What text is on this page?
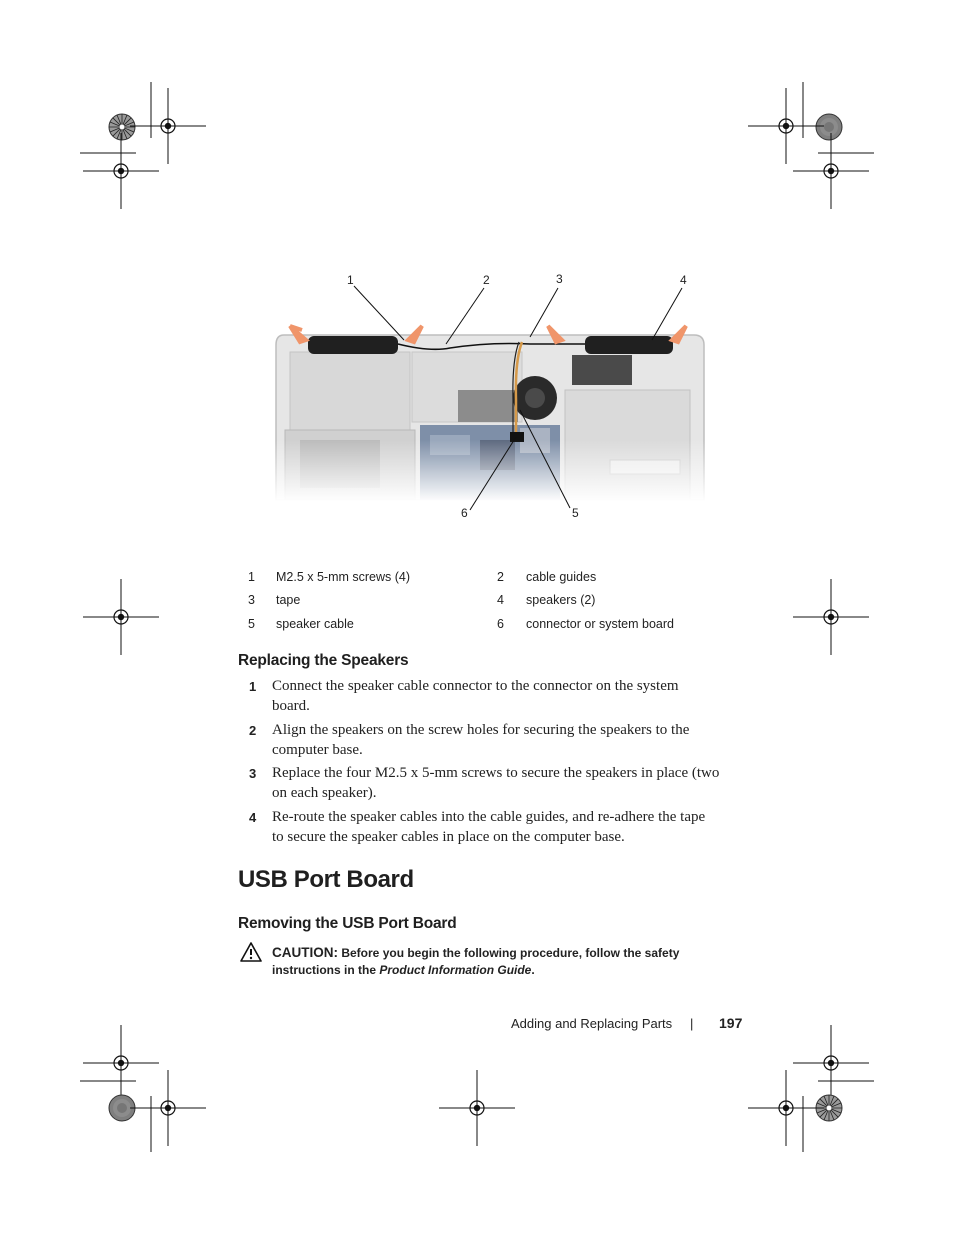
1	2	3	4
6	5
1 M2.5 x 5-mm screws (4)	2 cable guides
3 tape	4 speakers (2)
5 speaker cable	6 connector or system board
Replacing the Speakers
1 Connect the speaker cable connector to the connector on the system
board.
2 Align the speakers on the screw holes for securing the speakers to the
computer base.
3 Replace the four M2.5 x 5-mm screws to secure the speakers in place (two
on each speaker).
4 Re-route the speaker cables into the cable guides, and re-adhere the tape
to secure the speaker cables in place on the computer base.
USB Port Board
Removing the USB Port Board
CAUTION: Before you begin the following procedure, follow the safety
instructions in the Product Information Guide.
Adding and Replacing Parts | 197
